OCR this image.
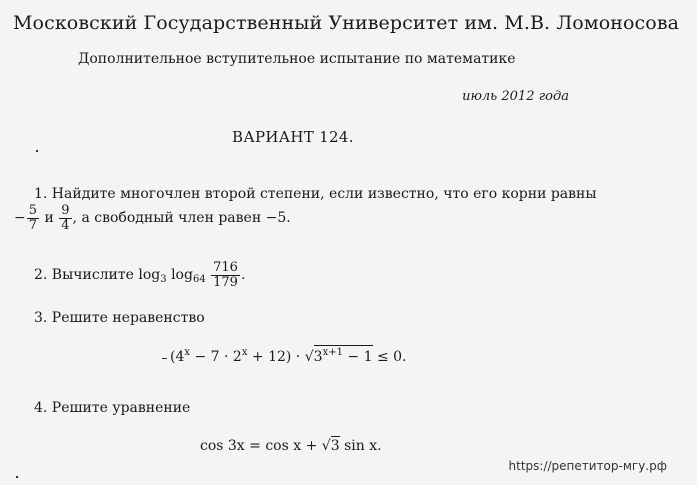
Московский Государственный Университет им. М.В. Ломоносова
Дополнительное вступительное испытание по математике
июль 2012 года
ВАРИАНТ 124.
1. Найдите многочлен второй степени, если известно, что его корни равны
− $\frac{5}{7}$ и $\frac{9}{4}$ , а свободный член равен −5.
2. Вычислите $\log_3 \log_{64} \frac{716}{179}$ .
3. Решите неравенство
$(4^x - 7 \cdot 2^x + 12) \cdot √3^{x+1} - 1 \le 0$.
4. Решите уравнение
cos 3x = cos x + √3 sin x.
https://репетитор-мгу.рф
